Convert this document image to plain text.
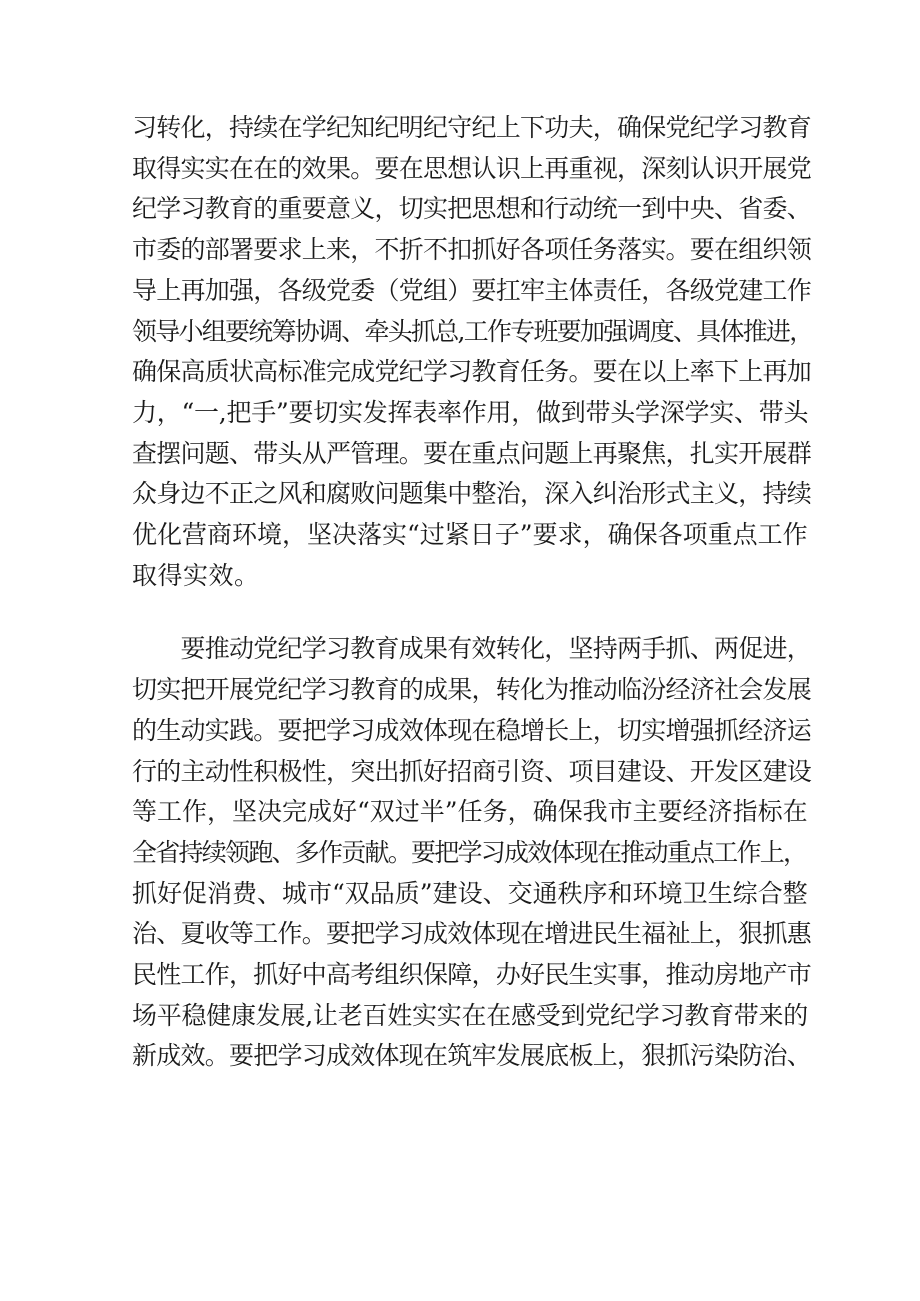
习转化，持续在学纪知纪明纪守纪上下功夫，确保党纪学习教育
取得实实在在的效果。要在思想认识上再重视，深刻认识开展党
纪学习教育的重要意义，切实把思想和行动统一到中央、省委、
市委的部署要求上来，不折不扣抓好各项任务落实。要在组织领
导上再加强，各级党委（党组）要扛牢主体责任，各级党建工作
领导小组要统筹协调、牵头抓总,工作专班要加强调度、具体推进，
确保高质状高标准完成党纪学习教育任务。要在以上率下上再加
力，“一,把手”要切实发挥表率作用，做到带头学深学实、带头
查摆问题、带头从严管理。要在重点问题上再聚焦，扎实开展群
众身边不正之风和腐败问题集中整治，深入纠治形式主义，持续
优化营商环境，坚决落实“过紧日子”要求，确保各项重点工作
取得实效。
　　要推动党纪学习教育成果有效转化，坚持两手抓、两促进，
切实把开展党纪学习教育的成果，转化为推动临汾经济社会发展
的生动实践。要把学习成效体现在稳增长上，切实增强抓经济运
行的主动性积极性，突出抓好招商引资、项目建设、开发区建设
等工作，坚决完成好“双过半”任务，确保我市主要经济指标在
全省持续领跑、多作贡献。要把学习成效体现在推动重点工作上，
抓好促消费、城市“双品质”建设、交通秩序和环境卫生综合整
治、夏收等工作。要把学习成效体现在增进民生福祉上，狠抓惠
民性工作，抓好中高考组织保障，办好民生实事，推动房地产市
场平稳健康发展,让老百姓实实在在感受到党纪学习教育带来的
新成效。要把学习成效体现在筑牢发展底板上，狠抓污染防治、
